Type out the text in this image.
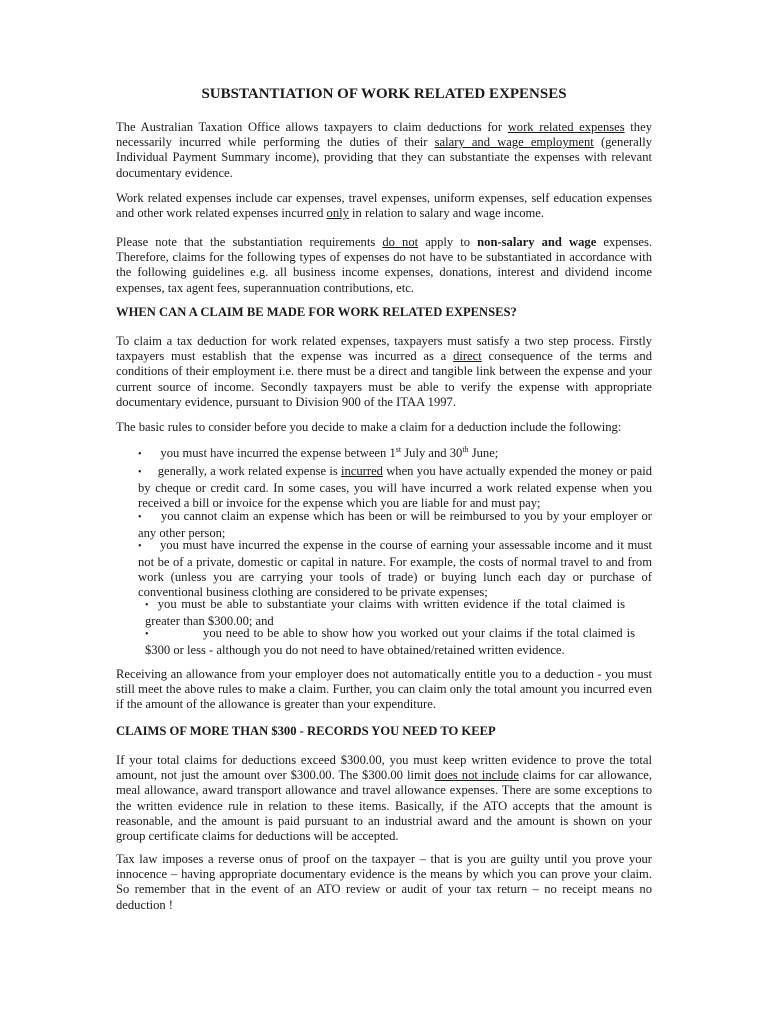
SUBSTANTIATION OF WORK RELATED EXPENSES

The Australian Taxation Office allows taxpayers to claim deductions for work related expenses they necessarily incurred while performing the duties of their salary and wage employment (generally Individual Payment Summary income), providing that they can substantiate the expenses with relevant documentary evidence.

Work related expenses include car expenses, travel expenses, uniform expenses, self education expenses and other work related expenses incurred only in relation to salary and wage income.

Please note that the substantiation requirements do not apply to non-salary and wage expenses. Therefore, claims for the following types of expenses do not have to be substantiated in accordance with the following guidelines e.g. all business income expenses, donations, interest and dividend income expenses, tax agent fees, superannuation contributions, etc.

WHEN CAN A CLAIM BE MADE FOR WORK RELATED EXPENSES?

To claim a tax deduction for work related expenses, taxpayers must satisfy a two step process. Firstly taxpayers must establish that the expense was incurred as a direct consequence of the terms and conditions of their employment i.e. there must be a direct and tangible link between the expense and your current source of income. Secondly taxpayers must be able to verify the expense with appropriate documentary evidence, pursuant to Division 900 of the ITAA 1997.

The basic rules to consider before you decide to make a claim for a deduction include the following:

• you must have incurred the expense between 1st July and 30th June;

• generally, a work related expense is incurred when you have actually expended the money or paid by cheque or credit card. In some cases, you will have incurred a work related expense when you received a bill or invoice for the expense which you are liable for and must pay;

• you cannot claim an expense which has been or will be reimbursed to you by your employer or any other person;

• you must have incurred the expense in the course of earning your assessable income and it must not be of a private, domestic or capital in nature. For example, the costs of normal travel to and from work (unless you are carrying your tools of trade) or buying lunch each day or purchase of conventional business clothing are considered to be private expenses;

• you must be able to substantiate your claims with written evidence if the total claimed is greater than $300.00; and

•	you need to be able to show how you worked out your claims if the total claimed is $300 or less - although you do not need to have obtained/retained written evidence.

Receiving an allowance from your employer does not automatically entitle you to a deduction - you must still meet the above rules to make a claim. Further, you can claim only the total amount you incurred even if the amount of the allowance is greater than your expenditure.

CLAIMS OF MORE THAN $300 - RECORDS YOU NEED TO KEEP

If your total claims for deductions exceed $300.00, you must keep written evidence to prove the total amount, not just the amount over $300.00. The $300.00 limit does not include claims for car allowance, meal allowance, award transport allowance and travel allowance expenses. There are some exceptions to the written evidence rule in relation to these items. Basically, if the ATO accepts that the amount is reasonable, and the amount is paid pursuant to an industrial award and the amount is shown on your group certificate claims for deductions will be accepted.

Tax law imposes a reverse onus of proof on the taxpayer – that is you are guilty until you prove your innocence – having appropriate documentary evidence is the means by which you can prove your claim. So remember that in the event of an ATO review or audit of your tax return – no receipt means no deduction !
